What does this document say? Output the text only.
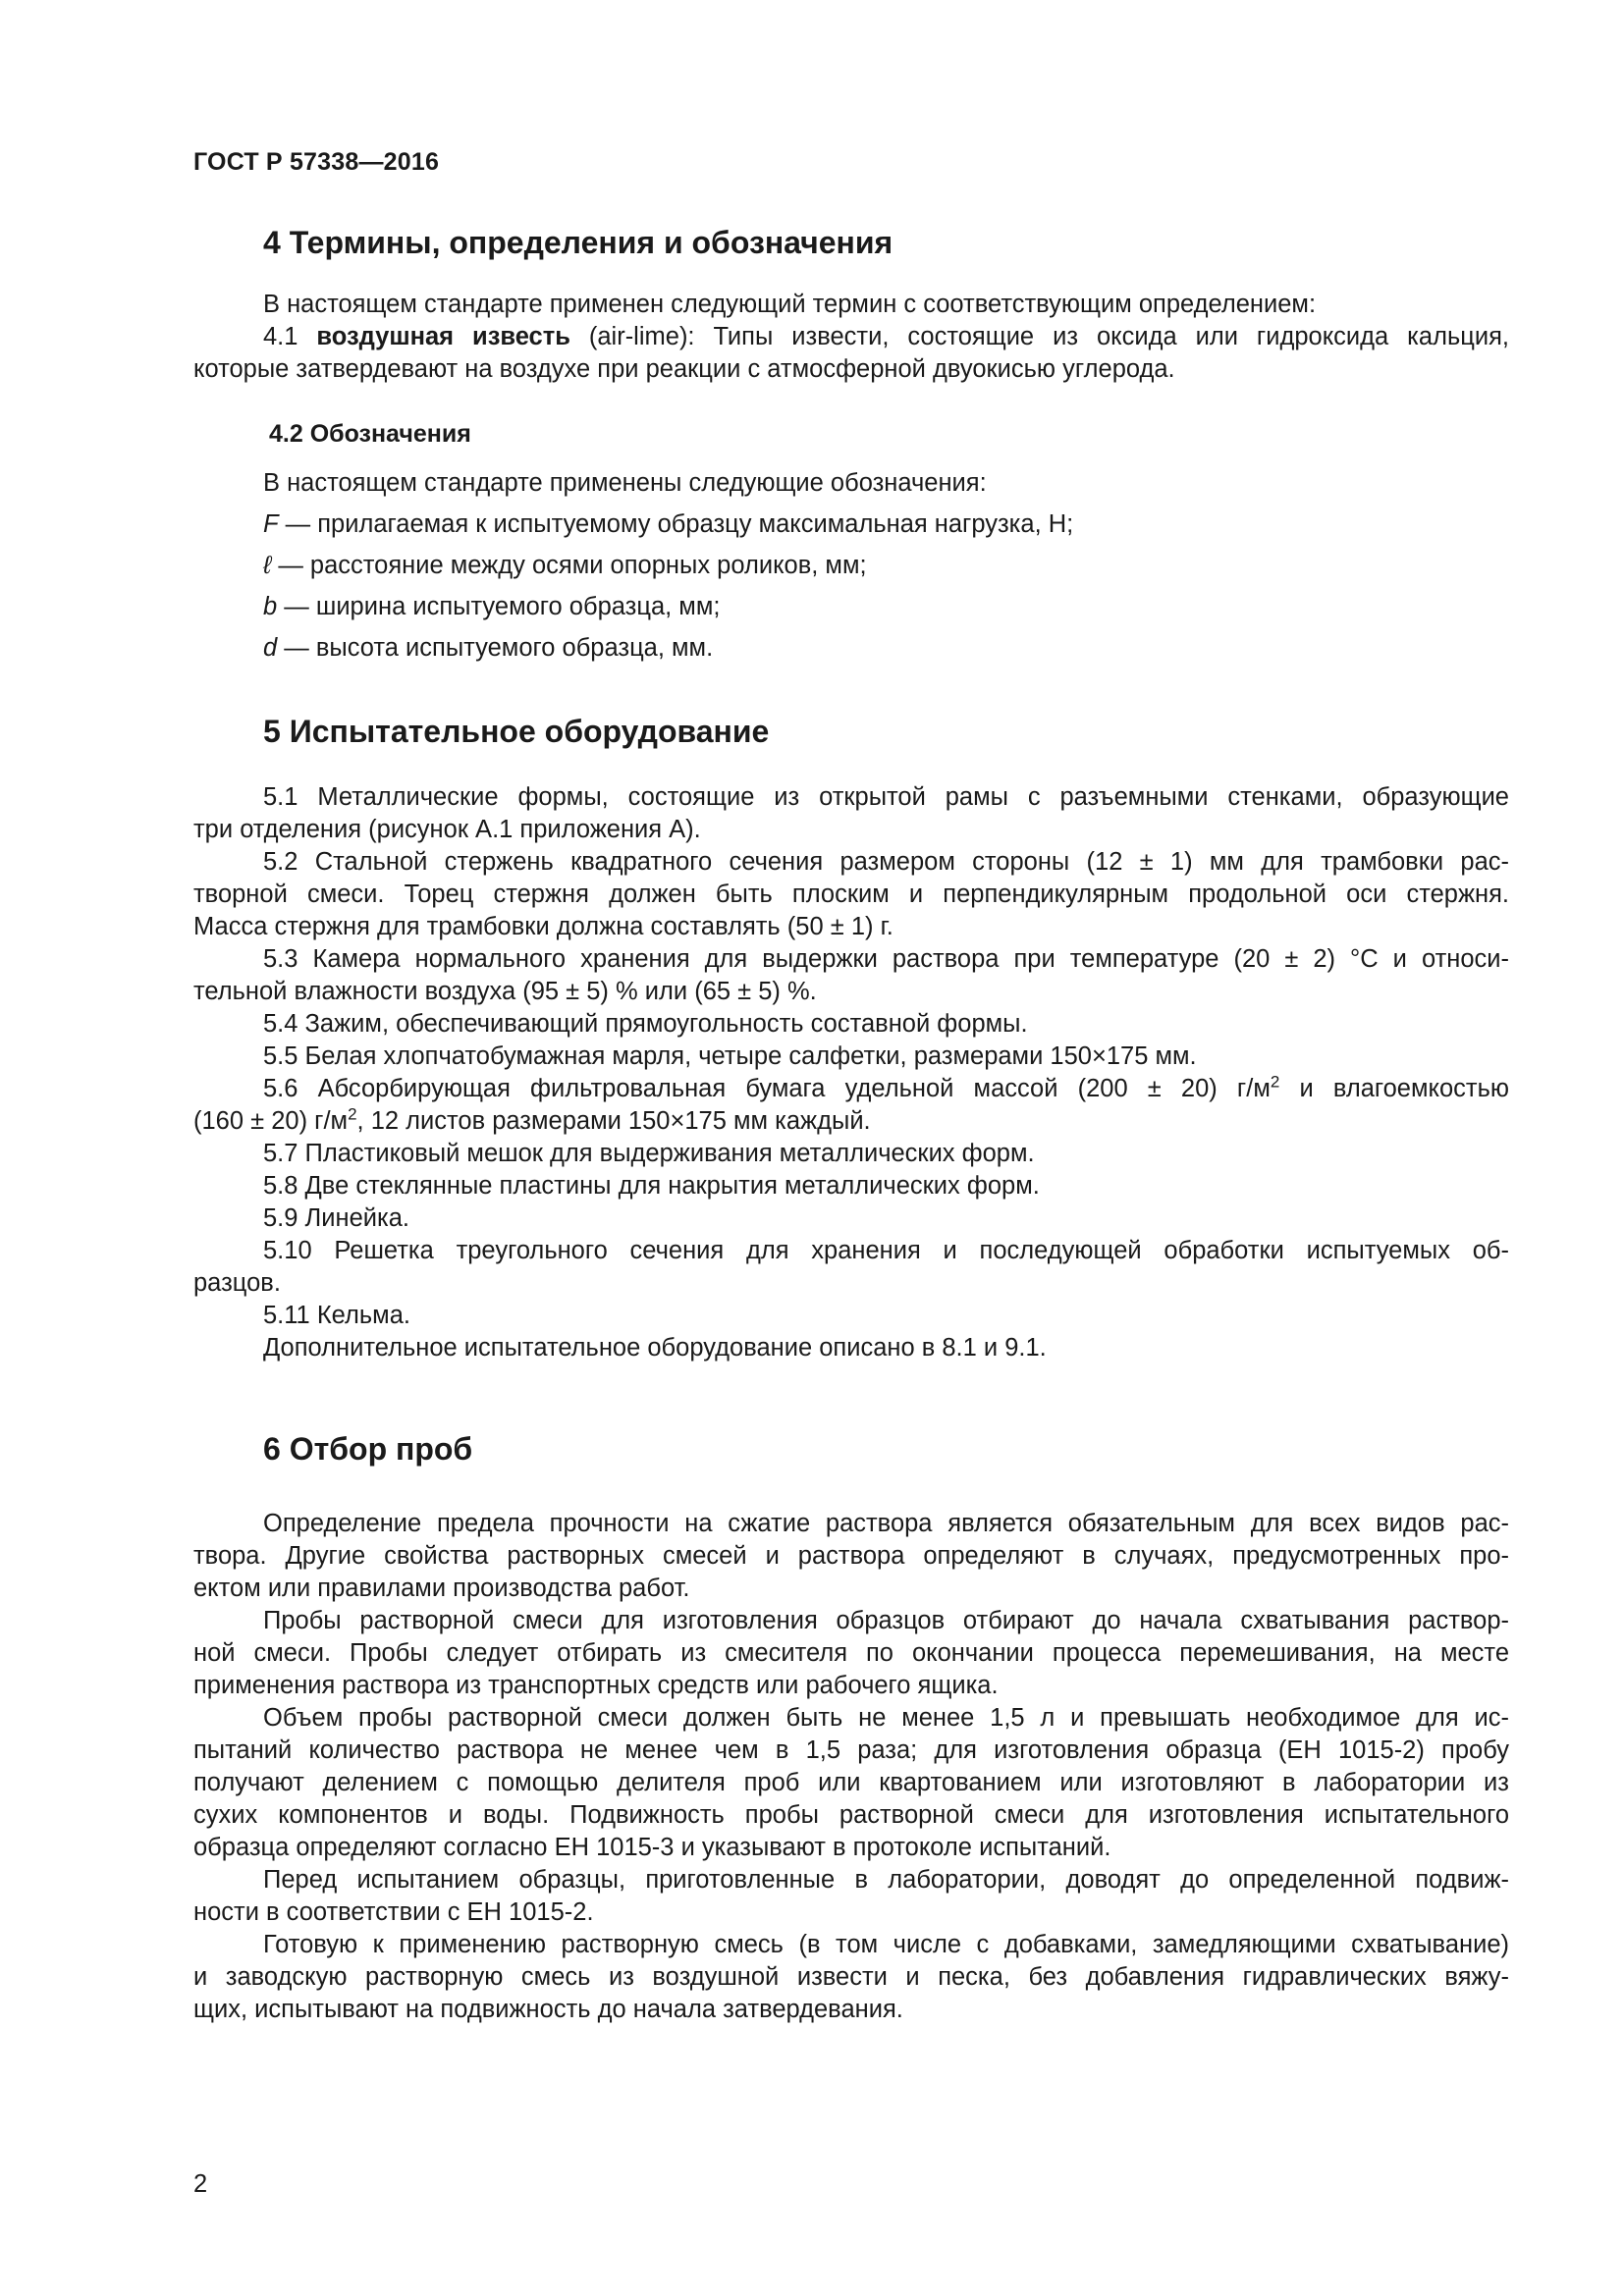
ГОСТ Р 57338—2016
4 Термины, определения и обозначения
В настоящем стандарте применен следующий термин с соответствующим определением:
4.1 воздушная известь (air-lime): Типы извести, состоящие из оксида или гидроксида кальция,
которые затвердевают на воздухе при реакции с атмосферной двуокисью углерода.
4.2 Обозначения
В настоящем стандарте применены следующие обозначения:
F — прилагаемая к испытуемому образцу максимальная нагрузка, Н;
ℓ — расстояние между осями опорных роликов, мм;
b — ширина испытуемого образца, мм;
d — высота испытуемого образца, мм.
5 Испытательное оборудование
5.1 Металлические формы, состоящие из открытой рамы с разъемными стенками, образующие
три отделения (рисунок А.1 приложения А).
5.2 Стальной стержень квадратного сечения размером стороны (12 ± 1) мм для трамбовки рас-
творной смеси. Торец стержня должен быть плоским и перпендикулярным продольной оси стержня.
Масса стержня для трамбовки должна составлять (50 ± 1) г.
5.3 Камера нормального хранения для выдержки раствора при температуре (20 ± 2) °С и относи-
тельной влажности воздуха (95 ± 5) % или (65 ± 5) %.
5.4 Зажим, обеспечивающий прямоугольность составной формы.
5.5 Белая хлопчатобумажная марля, четыре салфетки, размерами 150×175 мм.
5.6 Абсорбирующая фильтровальная бумага удельной массой (200 ± 20) $г/м^2$ и влагоемкостью
(160 ± 20) $г/м^2$, 12 листов размерами 150×175 мм каждый.
5.7 Пластиковый мешок для выдерживания металлических форм.
5.8 Две стеклянные пластины для накрытия металлических форм.
5.9 Линейка.
5.10 Решетка треугольного сечения для хранения и последующей обработки испытуемых об-
разцов.
5.11 Кельма.
Дополнительное испытательное оборудование описано в 8.1 и 9.1.
6 Отбор проб
Определение предела прочности на сжатие раствора является обязательным для всех видов рас-
твора. Другие свойства растворных смесей и раствора определяют в случаях, предусмотренных про-
ектом или правилами производства работ.
Пробы растворной смеси для изготовления образцов отбирают до начала схватывания раствор-
ной смеси. Пробы следует отбирать из смесителя по окончании процесса перемешивания, на месте
применения раствора из транспортных средств или рабочего ящика.
Объем пробы растворной смеси должен быть не менее 1,5 л и превышать необходимое для ис-
пытаний количество раствора не менее чем в 1,5 раза; для изготовления образца (ЕН 1015-2) пробу
получают делением с помощью делителя проб или квартованием или изготовляют в лаборатории из
сухих компонентов и воды. Подвижность пробы растворной смеси для изготовления испытательного
образца определяют согласно ЕН 1015-3 и указывают в протоколе испытаний.
Перед испытанием образцы, приготовленные в лаборатории, доводят до определенной подвиж-
ности в соответствии с ЕН 1015-2.
Готовую к применению растворную смесь (в том числе с добавками, замедляющими схватывание)
и заводскую растворную смесь из воздушной извести и песка, без добавления гидравлических вяжу-
щих, испытывают на подвижность до начала затвердевания.
2
